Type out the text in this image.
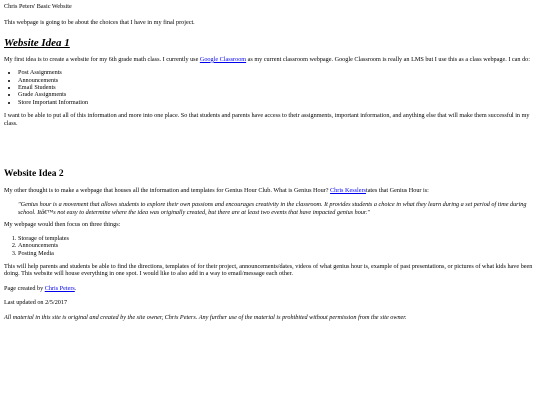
Chris Peters' Basic Website

This webpage is going to be about the choices that I have in my final project.

Website Idea 1

My first idea is to create a website for my 6th grade math class. I currently use Google Classroom as my current classroom webpage. Google Classroom is really an LMS but I use this as a class webpage. I can do:

• Post Assignments
• Announcements
• Email Students
• Grade Assignments
• Store Important Information

I want to be able to put all of this information and more into one place. So that students and parents have access to their assignments, important information, and anything else that will make them successful in my class.

Website Idea 2

My other thought is to make a webpage that houses all the information and templates for Genius Hour Club. What is Genius Hour? Chris Kesslerstates that Genius Hour is:

"Genius hour is a movement that allows students to explore their own passions and encourages creativity in the classroom. It provides students a choice in what they learn during a set period of time during school. Itâ€™s not easy to determine where the idea was originally created, but there are at least two events that have impacted genius hour."

My webpage would then focus on three things:

1. Storage of templates
2. Announcements
3. Posting Media

This will help parents and students be able to find the directions, templates of for their project, announcements/dates, videos of what genius hour is, example of past presentations, or pictures of what kids have been doing. This website will house everything in one spot. I would like to also add in a way to email/message each other.

Page created by Chris Peters.

Last updated on 2/5/2017

All material in this site is original and created by the site owner, Chris Peters. Any further use of the material is prohibited without permission from the site owner.
